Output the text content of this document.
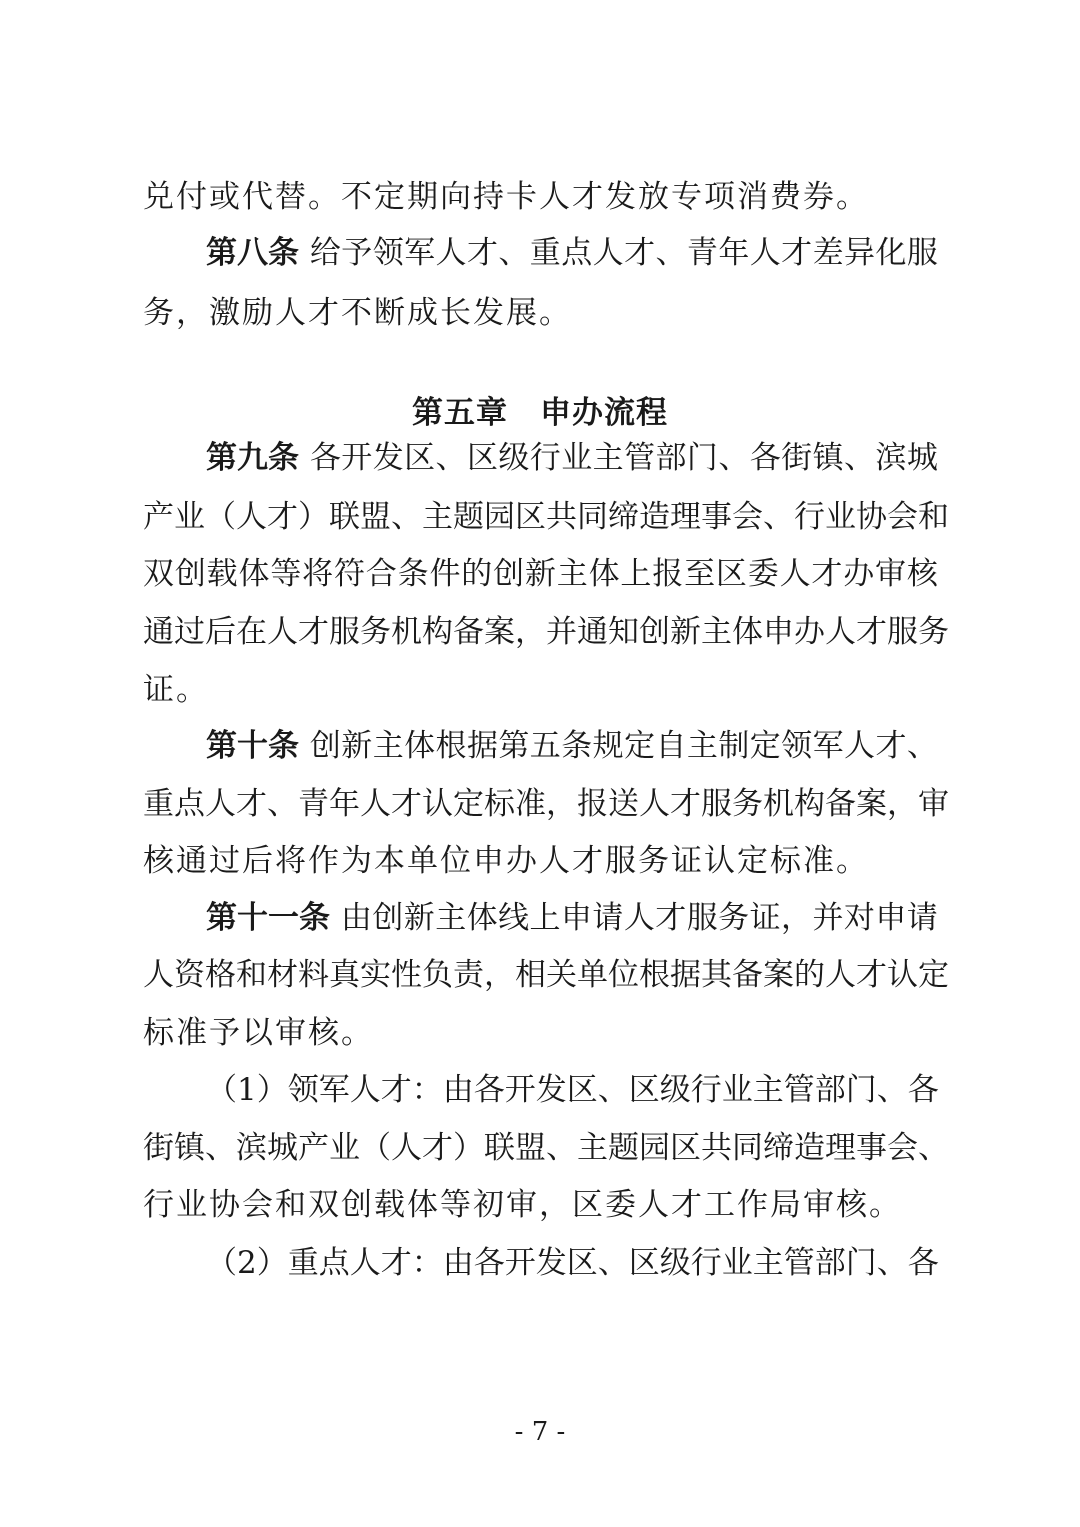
兑付或代替。不定期向持卡人才发放专项消费券。
第八条 给 予 领 军 人 才 、 重 点 人 才 、 青 年 人 才 差 异 化 服
务，激励人才不断成长发展。
第九条 各 开 发 区 、 区 级 行 业 主 管 部 门 、 各 街 镇 、 滨 城
产 业 （ 人 才 ） 联 盟 、 主 题 园 区 共 同 缔 造 理 事 会 、 行 业 协 会 和
双 创 载 体 等 将 符 合 条 件 的 创 新 主 体 上 报 至 区 委 人 才 办 审 核
通 过 后 在 人 才 服 务 机 构 备 案 ， 并 通 知 创 新 主 体 申 办 人 才 服 务
证。
第十条 创 新 主 体 根 据 第 五 条 规 定 自 主 制 定 领 军 人 才 、
重 点 人 才 、 青 年 人 才 认 定 标 准 ， 报 送 人 才 服 务 机 构 备 案 ， 审
核通过后将作为本单位申办人才服务证认定标准。
第十一条 由 创 新 主 体 线 上 申 请 人 才 服 务 证 ， 并 对 申 请
人 资 格 和 材 料 真 实 性 负 责 ， 相 关 单 位 根 据 其 备 案 的 人 才 认 定
标准予以审核。
（ 1 ） 领 军 人 才 ： 由 各 开 发 区 、 区 级 行 业 主 管 部 门 、 各
街 镇 、 滨 城 产 业 （ 人 才 ） 联 盟 、 主 题 园 区 共 同 缔 造 理 事 会 、
行业协会和双创载体等初审，区委人才工作局审核。
（ 2 ） 重 点 人 才 ： 由 各 开 发 区 、 区 级 行 业 主 管 部 门 、 各
第五章　申办流程
- 7 -
